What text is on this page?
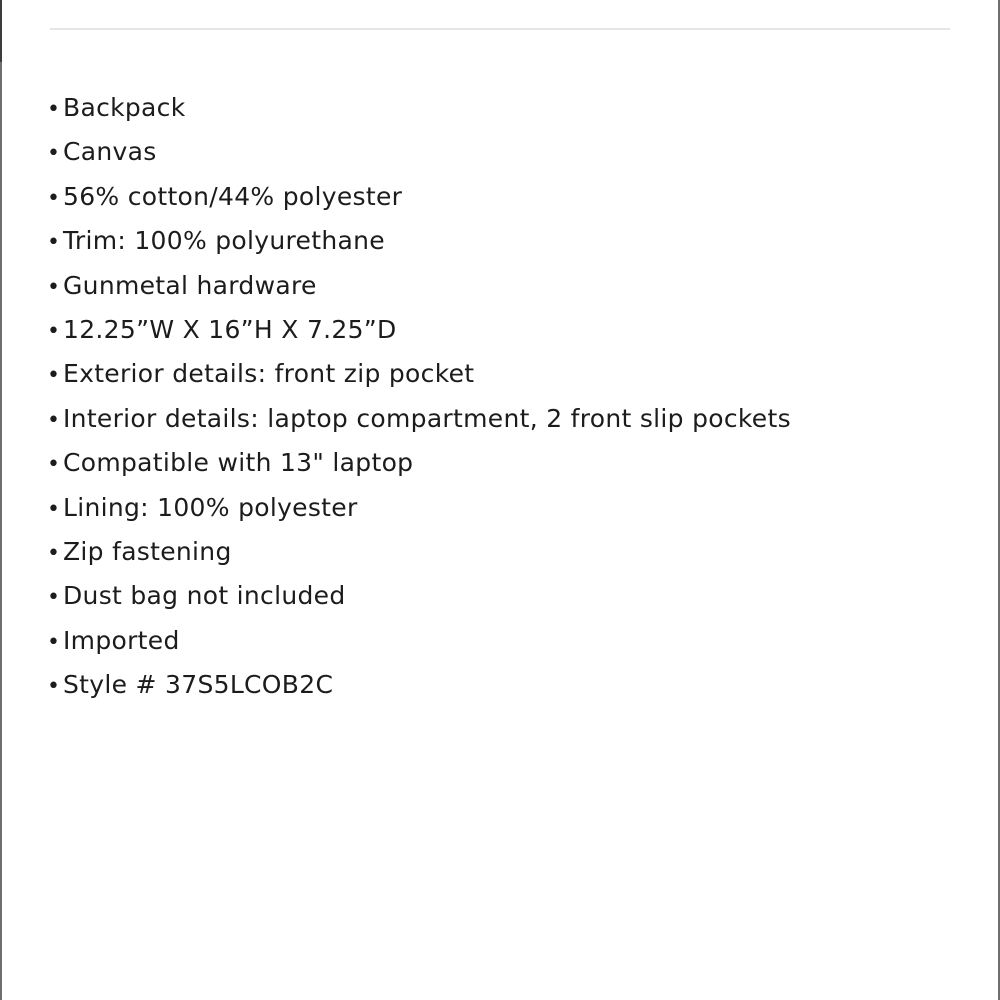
• Backpack
• Canvas
• 56% cotton/44% polyester
• Trim: 100% polyurethane
• Gunmetal hardware
• 12.25”W X 16”H X 7.25”D
• Exterior details: front zip pocket
• Interior details: laptop compartment, 2 front slip pockets
• Compatible with 13" laptop
• Lining: 100% polyester
• Zip fastening
• Dust bag not included
• Imported
• Style # 37S5LCOB2C
